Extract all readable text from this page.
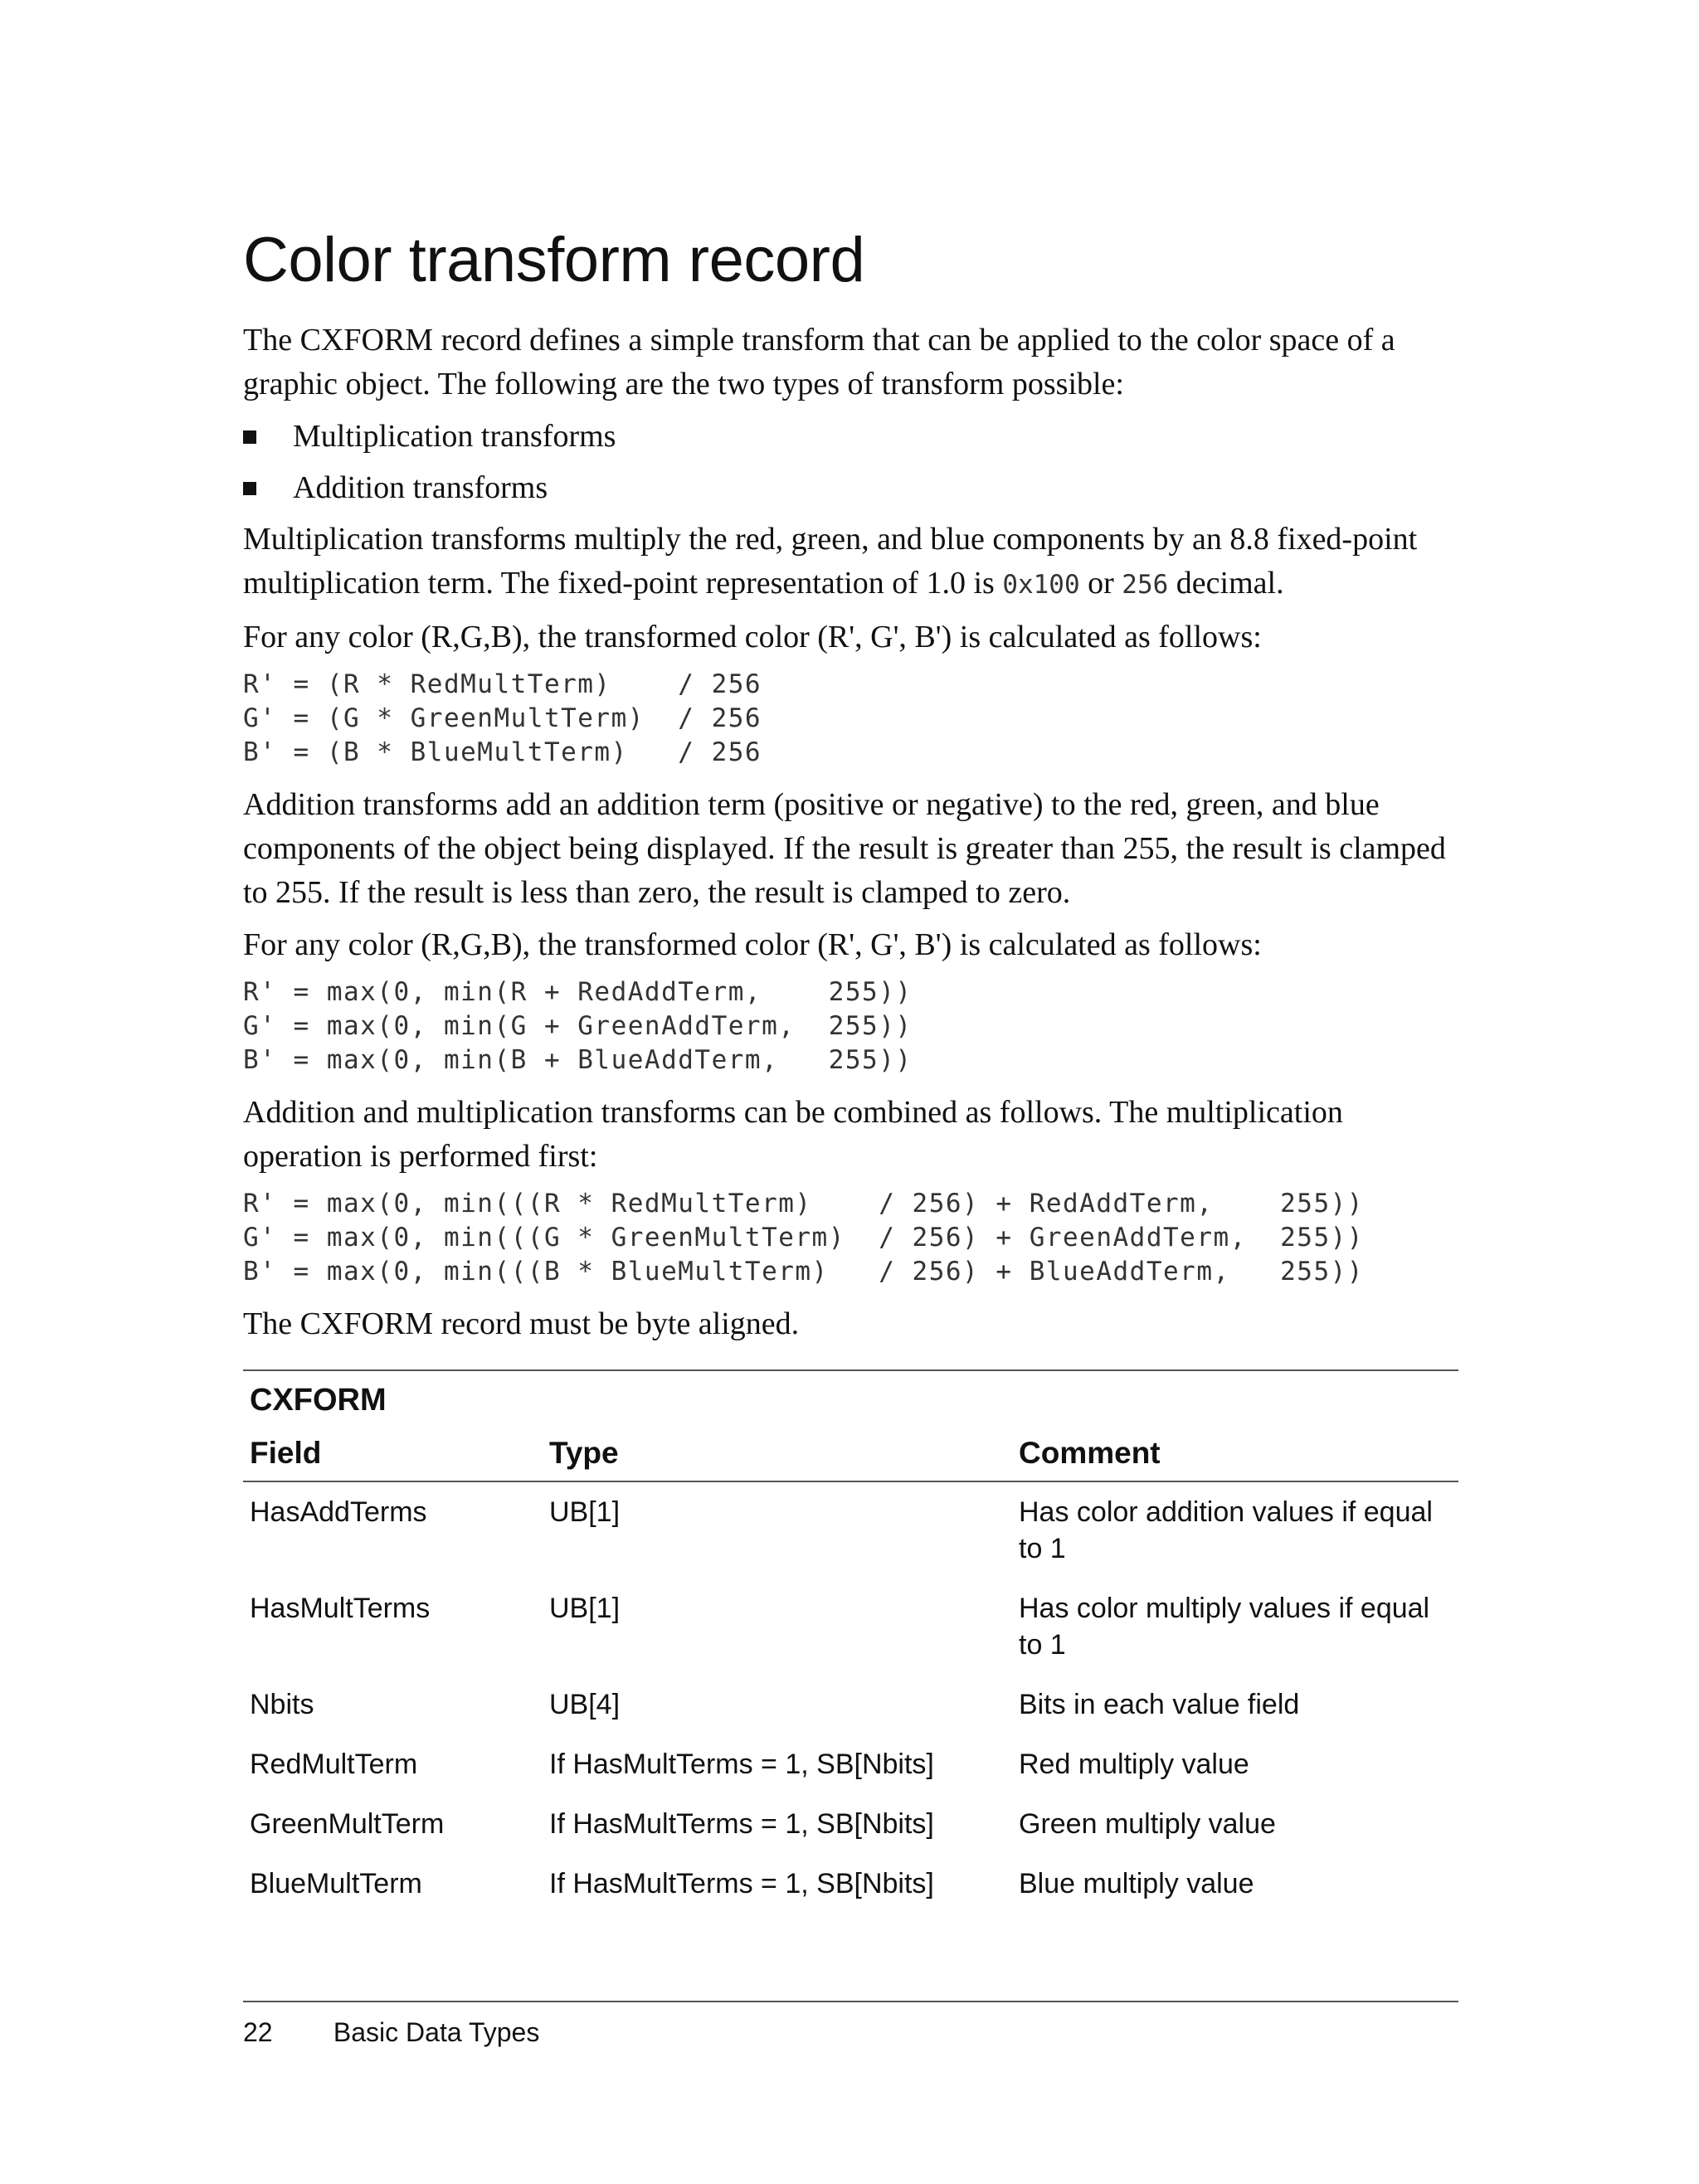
Color transform record

The CXFORM record defines a simple transform that can be applied to the color space of a graphic object. The following are the two types of transform possible:

Multiplication transforms
Addition transforms

Multiplication transforms multiply the red, green, and blue components by an 8.8 fixed-point multiplication term. The fixed-point representation of 1.0 is 0x100 or 256 decimal.

For any color (R,G,B), the transformed color (R', G', B') is calculated as follows:

R' = (R * RedMultTerm)    / 256
G' = (G * GreenMultTerm)  / 256
B' = (B * BlueMultTerm)   / 256

Addition transforms add an addition term (positive or negative) to the red, green, and blue components of the object being displayed. If the result is greater than 255, the result is clamped to 255. If the result is less than zero, the result is clamped to zero.

For any color (R,G,B), the transformed color (R', G', B') is calculated as follows:

R' = max(0, min(R + RedAddTerm,    255))
G' = max(0, min(G + GreenAddTerm,  255))
B' = max(0, min(B + BlueAddTerm,   255))

Addition and multiplication transforms can be combined as follows. The multiplication operation is performed first:

R' = max(0, min(((R * RedMultTerm)    / 256) + RedAddTerm,    255))
G' = max(0, min(((G * GreenMultTerm)  / 256) + GreenAddTerm,  255))
B' = max(0, min(((B * BlueMultTerm)   / 256) + BlueAddTerm,   255))

The CXFORM record must be byte aligned.

CXFORM
Field	Type	Comment
HasAddTerms	UB[1]	Has color addition values if equal to 1
HasMultTerms	UB[1]	Has color multiply values if equal to 1
Nbits	UB[4]	Bits in each value field
RedMultTerm	If HasMultTerms = 1, SB[Nbits]	Red multiply value
GreenMultTerm	If HasMultTerms = 1, SB[Nbits]	Green multiply value
BlueMultTerm	If HasMultTerms = 1, SB[Nbits]	Blue multiply value
22 Basic Data Types
